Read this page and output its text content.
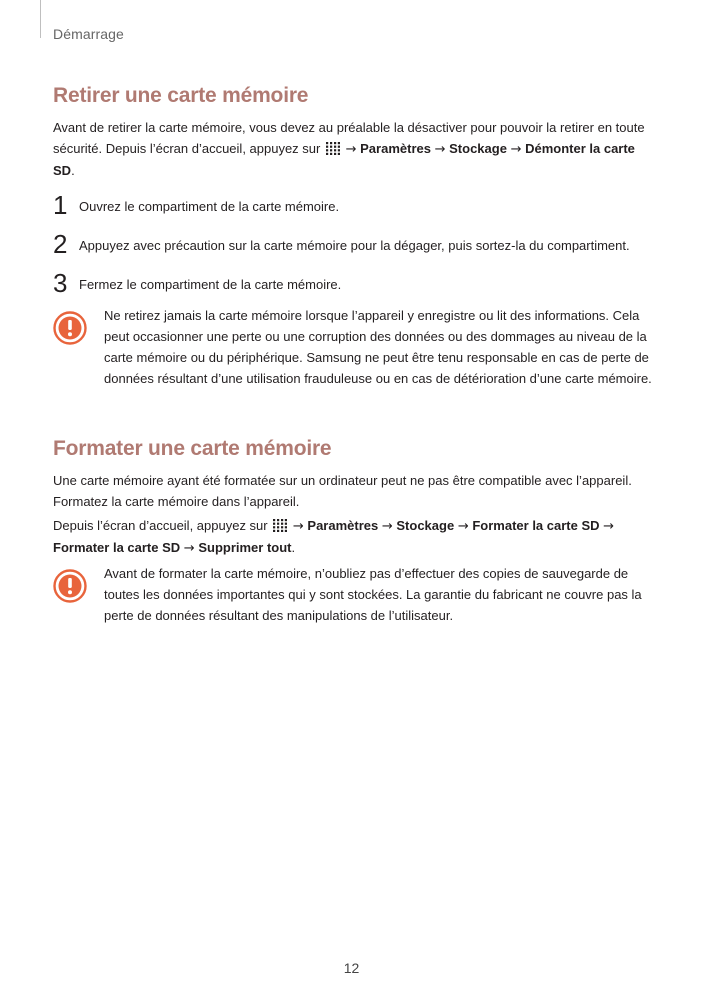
Démarrage
Retirer une carte mémoire

Avant de retirer la carte mémoire, vous devez au préalable la désactiver pour pouvoir la retirer en toute sécurité. Depuis l’écran d’accueil, appuyez sur → Paramètres → Stockage → Démonter la carte SD.

1 Ouvrez le compartiment de la carte mémoire.
2 Appuyez avec précaution sur la carte mémoire pour la dégager, puis sortez-la du compartiment.
3 Fermez le compartiment de la carte mémoire.

Ne retirez jamais la carte mémoire lorsque l’appareil y enregistre ou lit des informations. Cela peut occasionner une perte ou une corruption des données ou des dommages au niveau de la carte mémoire ou du périphérique. Samsung ne peut être tenu responsable en cas de perte de données résultant d’une utilisation frauduleuse ou en cas de détérioration d’une carte mémoire.

Formater une carte mémoire

Une carte mémoire ayant été formatée sur un ordinateur peut ne pas être compatible avec l’appareil. Formatez la carte mémoire dans l’appareil.

Depuis l’écran d’accueil, appuyez sur → Paramètres → Stockage → Formater la carte SD → Formater la carte SD → Supprimer tout.

Avant de formater la carte mémoire, n’oubliez pas d’effectuer des copies de sauvegarde de toutes les données importantes qui y sont stockées. La garantie du fabricant ne couvre pas la perte de données résultant des manipulations de l’utilisateur.

12
